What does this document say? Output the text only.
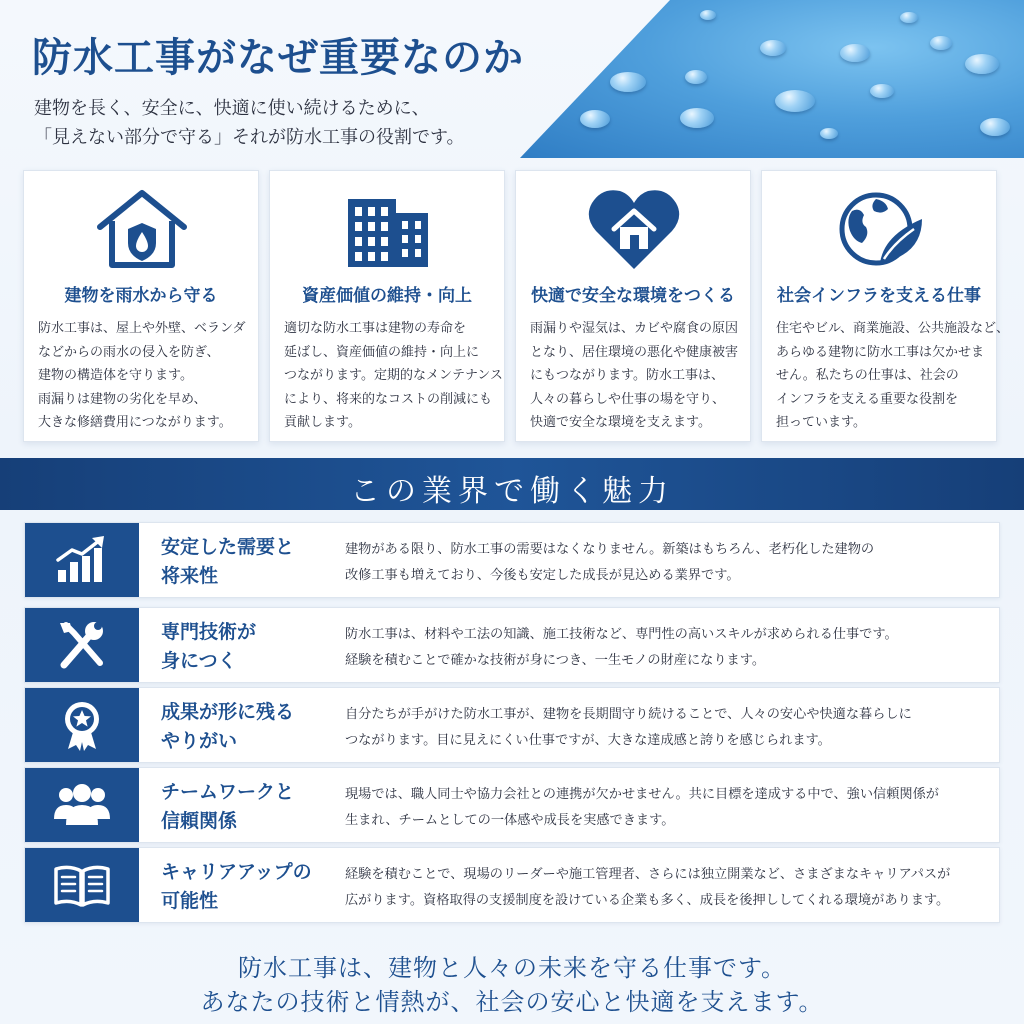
防水工事がなぜ重要なのか
建物を長く、安全に、快適に使い続けるために、
「見えない部分で守る」それが防水工事の役割です。
建物を雨水から守る
防水工事は、屋上や外壁、ベランダ
などからの雨水の侵入を防ぎ、
建物の構造体を守ります。
雨漏りは建物の劣化を早め、
大きな修繕費用につながります。
資産価値の維持・向上
適切な防水工事は建物の寿命を
延ばし、資産価値の維持・向上に
つながります。定期的なメンテナンス
により、将来的なコストの削減にも
貢献します。
快適で安全な環境をつくる
雨漏りや湿気は、カビや腐食の原因
となり、居住環境の悪化や健康被害
にもつながります。防水工事は、
人々の暮らしや仕事の場を守り、
快適で安全な環境を支えます。
社会インフラを支える仕事
住宅やビル、商業施設、公共施設など、
あらゆる建物に防水工事は欠かせま
せん。私たちの仕事は、社会の
インフラを支える重要な役割を
担っています。
この業界で働く魅力
安定した需要と
将来性
建物がある限り、防水工事の需要はなくなりません。新築はもちろん、老朽化した建物の
改修工事も増えており、今後も安定した成長が見込める業界です。
専門技術が
身につく
防水工事は、材料や工法の知識、施工技術など、専門性の高いスキルが求められる仕事です。
経験を積むことで確かな技術が身につき、一生モノの財産になります。
成果が形に残る
やりがい
自分たちが手がけた防水工事が、建物を長期間守り続けることで、人々の安心や快適な暮らしに
つながります。目に見えにくい仕事ですが、大きな達成感と誇りを感じられます。
チームワークと
信頼関係
現場では、職人同士や協力会社との連携が欠かせません。共に目標を達成する中で、強い信頼関係が
生まれ、チームとしての一体感や成長を実感できます。
キャリアアップの
可能性
経験を積むことで、現場のリーダーや施工管理者、さらには独立開業など、さまざまなキャリアパスが
広がります。資格取得の支援制度を設けている企業も多く、成長を後押ししてくれる環境があります。
防水工事は、建物と人々の未来を守る仕事です。
あなたの技術と情熱が、社会の安心と快適を支えます。
